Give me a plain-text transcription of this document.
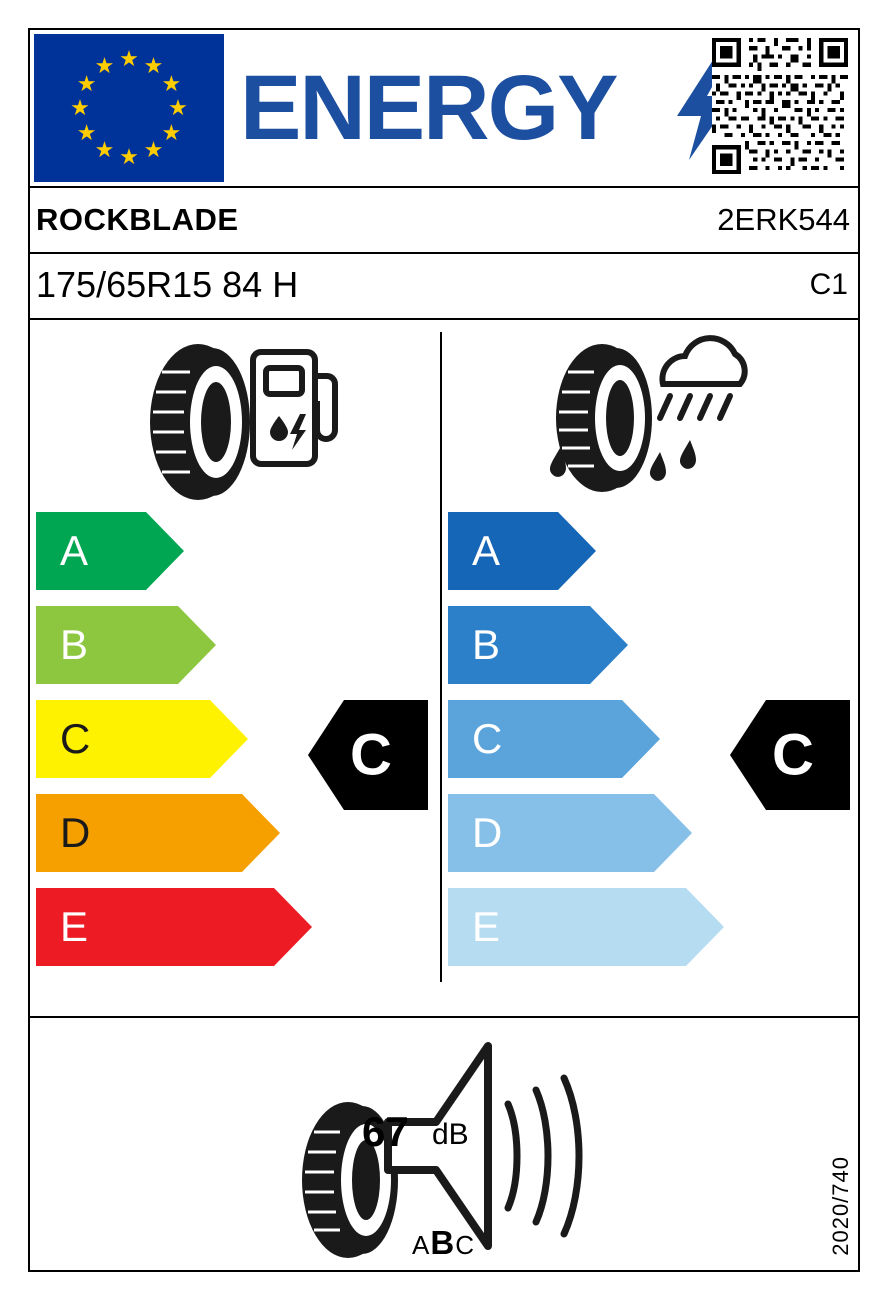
★ ★
★
★
★
★
★
★
★
★
★
★ ENERGY
ROCKBLADE	2ERK544
175/65R15 84 H	C1
A
B
C
D
E
C
A
B
C
D
E
C
67 dB
ABC	2020/740
